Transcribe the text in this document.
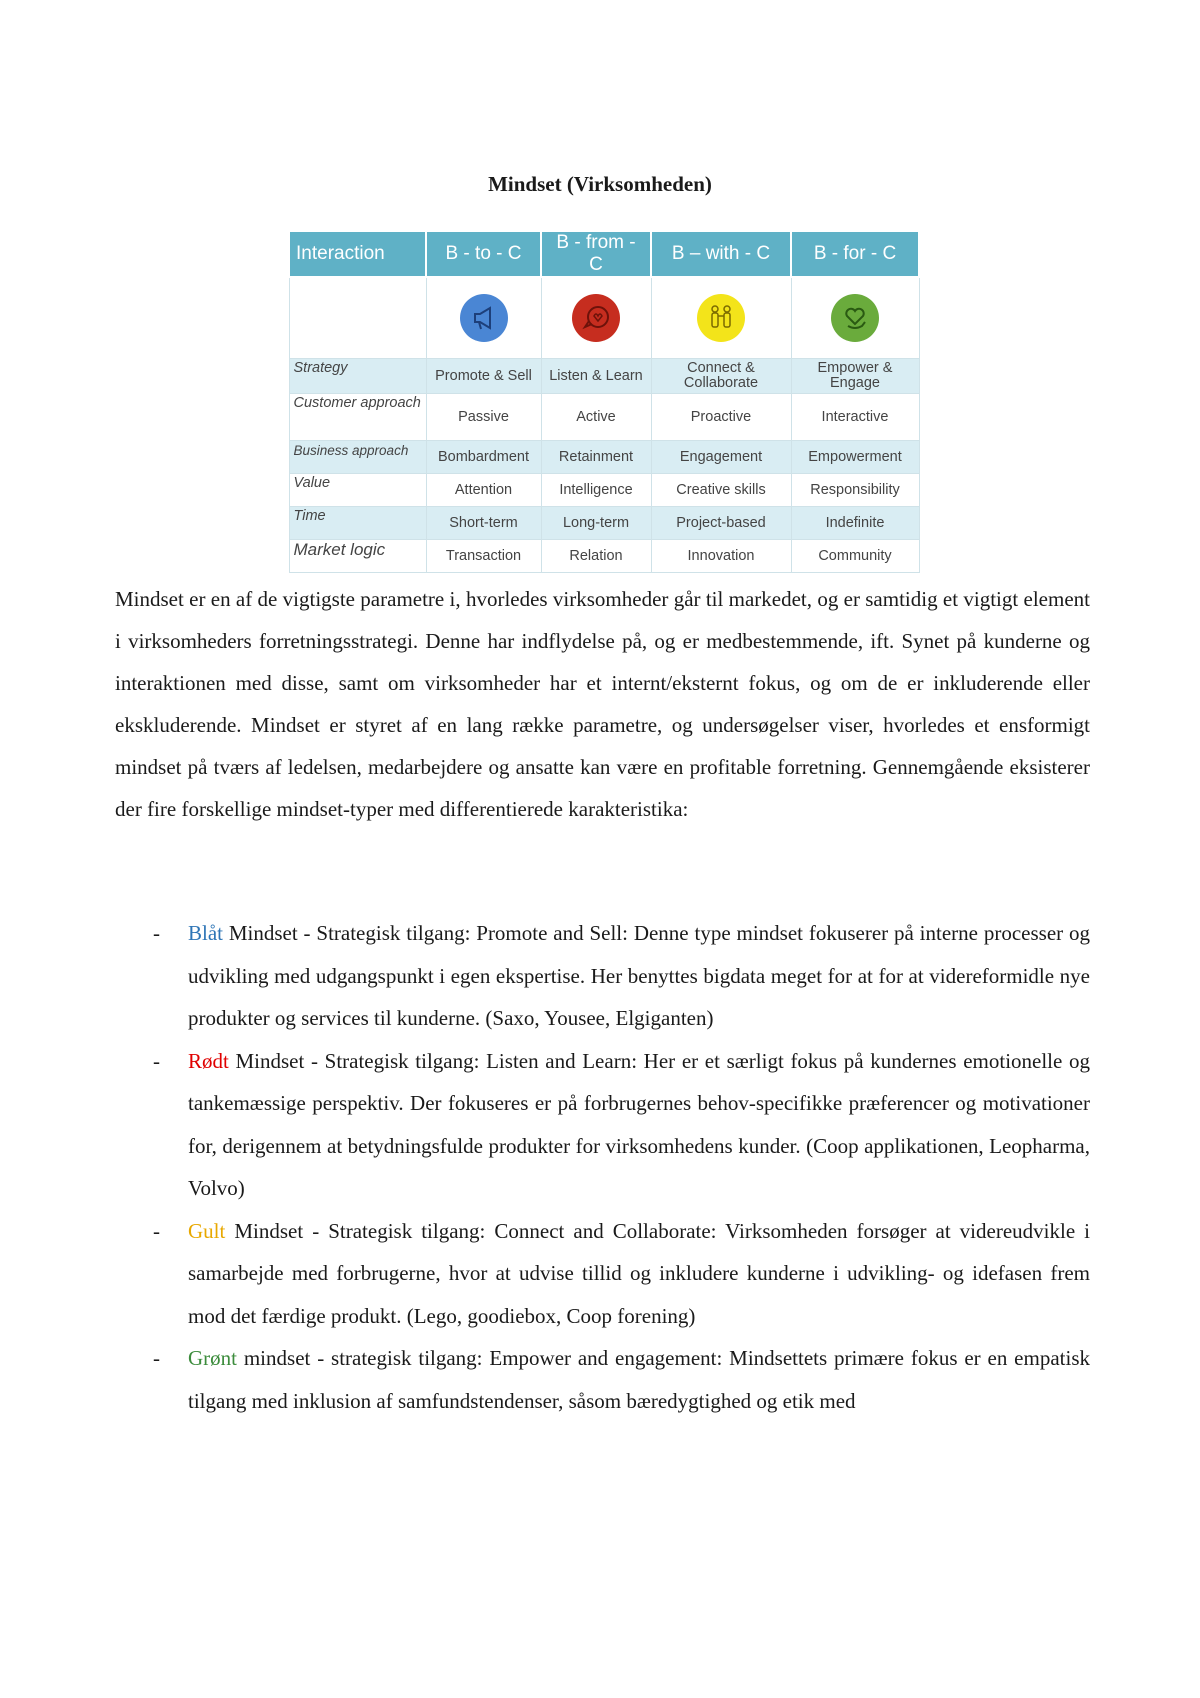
Mindset (Virksomheden)
Interaction	B - to - C	B - from - C	B – with - C	B - for - C

Strategy	Promote & Sell	Listen & Learn	Connect & Collaborate	Empower & Engage
Customer approach	Passive	Active	Proactive	Interactive
Business approach	Bombardment	Retainment	Engagement	Empowerment
Value	Attention	Intelligence	Creative skills	Responsibility
Time	Short-term	Long-term	Project-based	Indefinite
Market logic	Transaction	Relation	Innovation	Community

Mindset er en af de vigtigste parametre i, hvorledes virksomheder går til markedet, og er samtidig et vigtigt element i virksomheders forretningsstrategi. Denne har indflydelse på, og er medbestemmende, ift. Synet på kunderne og interaktionen med disse, samt om virksomheder har et internt/eksternt fokus, og om de er inkluderende eller ekskluderende. Mindset er styret af en lang række parametre, og undersøgelser viser, hvorledes et ensformigt mindset på tværs af ledelsen, medarbejdere og ansatte kan være en profitable forretning. Gennemgående eksisterer der fire forskellige mindset-typer med differentierede karakteristika:

- Blåt Mindset - Strategisk tilgang: Promote and Sell: Denne type mindset fokuserer på interne processer og udvikling med udgangspunkt i egen ekspertise. Her benyttes bigdata meget for at for at videreformidle nye produkter og services til kunderne. (Saxo, Yousee, Elgiganten)
- Rødt Mindset - Strategisk tilgang: Listen and Learn: Her er et særligt fokus på kundernes emotionelle og tankemæssige perspektiv. Der fokuseres er på forbrugernes behov-specifikke præferencer og motivationer for, derigennem at betydningsfulde produkter for virksomhedens kunder. (Coop applikationen, Leopharma, Volvo)
- Gult Mindset - Strategisk tilgang: Connect and Collaborate: Virksomheden forsøger at videreudvikle i samarbejde med forbrugerne, hvor at udvise tillid og inkludere kunderne i udvikling- og idefasen frem mod det færdige produkt. (Lego, goodiebox, Coop forening)
- Grønt mindset - strategisk tilgang: Empower and engagement: Mindsettets primære fokus er en empatisk tilgang med inklusion af samfundstendenser, såsom bæredygtighed og etik med
